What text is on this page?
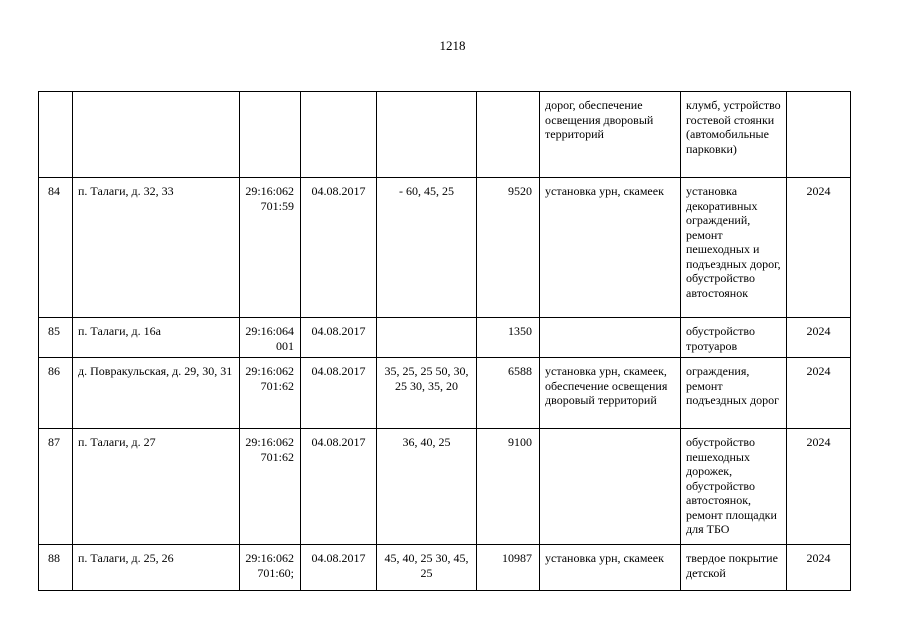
1218
						дорог, обеспечение освещения дворовый территорий	клумб, устройство гостевой стоянки (автомобильные парковки)	
84	п. Талаги, д. 32, 33	29:16:062 701:59	04.08.2017	- 60, 45, 25	9520	установка урн, скамеек	установка декоративных ограждений, ремонт пешеходных и подъездных дорог, обустройство автостоянок	2024
85	п. Талаги, д. 16а	29:16:064 001	04.08.2017		1350		обустройство тротуаров	2024
86	д. Повракульская, д. 29, 30, 31	29:16:062 701:62	04.08.2017	35, 25, 25 50, 30, 25 30, 35, 20	6588	установка урн, скамеек, обеспечение освещения дворовый территорий	ограждения, ремонт подъездных дорог	2024
87	п. Талаги, д. 27	29:16:062 701:62	04.08.2017	36, 40, 25	9100		обустройство пешеходных дорожек, обустройство автостоянок, ремонт площадки для ТБО	2024
88	п. Талаги, д. 25, 26	29:16:062 701:60;	04.08.2017	45, 40, 25 30, 45, 25	10987	установка урн, скамеек	твердое покрытие детской	2024
